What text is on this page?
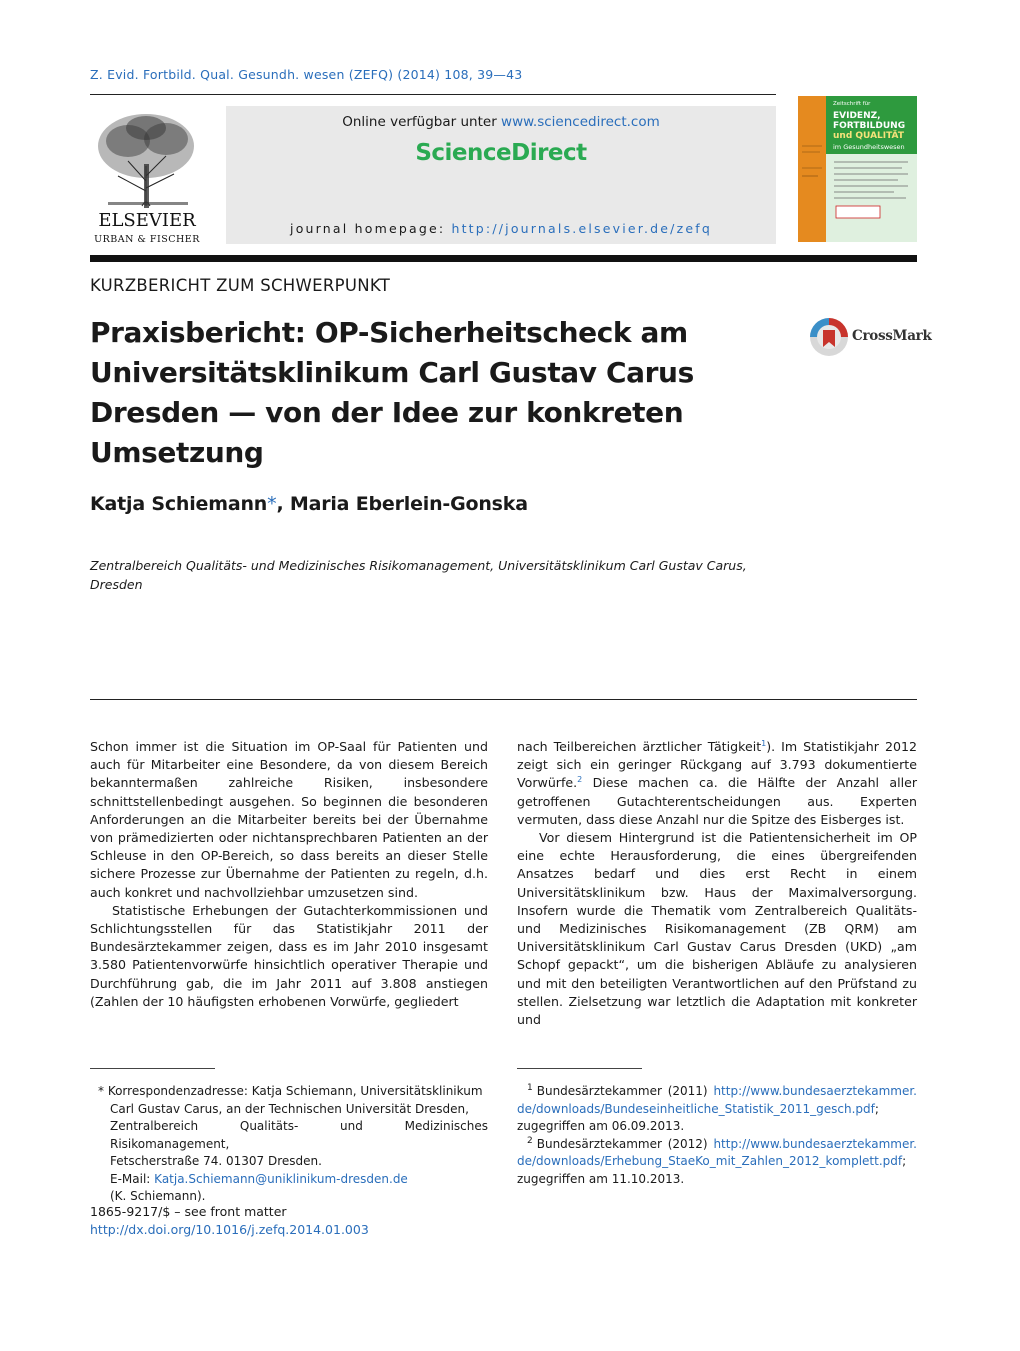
Z. Evid. Fortbild. Qual. Gesundh. wesen (ZEFQ) (2014) 108, 39—43
ELSEVIER
URBAN & FISCHER
Online verfügbar unter www.sciencedirect.com
ScienceDirect
journal homepage: http://journals.elsevier.de/zefq
Zeitschrift für
EVIDENZ,
FORTBILDUNG
und QUALITÄT
im Gesundheitswesen
KURZBERICHT ZUM SCHWERPUNKT
Praxisbericht: OP-Sicherheitscheck am Universitätsklinikum Carl Gustav Carus Dresden — von der Idee zur konkreten Umsetzung
CrossMark
Katja Schiemann*, Maria Eberlein-Gonska
Zentralbereich Qualitäts- und Medizinisches Risikomanagement, Universitätsklinikum Carl Gustav Carus, Dresden

Schon immer ist die Situation im OP-Saal für Patienten und auch für Mitarbeiter eine Besondere, da von diesem Bereich bekanntermaßen zahlreiche Risiken, insbesondere schnittstellenbedingt ausgehen. So beginnen die besonderen Anforderungen an die Mitarbeiter bereits bei der Übernahme von prämedizierten oder nichtansprechbaren Patienten an der Schleuse in den OP-Bereich, so dass bereits an dieser Stelle sichere Prozesse zur Übernahme der Patienten zu regeln, d.h. auch konkret und nachvollziehbar umzusetzen sind.

Statistische Erhebungen der Gutachterkommissionen und Schlichtungsstellen für das Statistikjahr 2011 der Bundesärztekammer zeigen, dass es im Jahr 2010 insgesamt 3.580 Patientenvorwürfe hinsichtlich operativer Therapie und Durchführung gab, die im Jahr 2011 auf 3.808 anstiegen (Zahlen der 10 häufigsten erhobenen Vorwürfe, gegliedert

nach Teilbereichen ärztlicher Tätigkeit$^1$). Im Statistikjahr 2012 zeigt sich ein geringer Rückgang auf 3.793 dokumentierte Vorwürfe.$^2$ Diese machen ca. die Hälfte der Anzahl aller getroffenen Gutachterentscheidungen aus. Experten vermuten, dass diese Anzahl nur die Spitze des Eisberges ist.

Vor diesem Hintergrund ist die Patientensicherheit im OP eine echte Herausforderung, die eines übergreifenden Ansatzes bedarf und dies erst Recht in einem Universitätsklinikum bzw. Haus der Maximalversorgung. Insofern wurde die Thematik vom Zentralbereich Qualitäts- und Medizinisches Risikomanagement (ZB QRM) am Universitätsklinikum Carl Gustav Carus Dresden (UKD) „am Schopf gepackt“, um die bisherigen Abläufe zu analysieren und mit den beteiligten Verantwortlichen auf den Prüfstand zu stellen. Zielsetzung war letztlich die Adaptation mit konkreter und

* Korrespondenzadresse: Katja Schiemann, Universitätsklinikum
Carl Gustav Carus, an der Technischen Universität Dresden,
Zentralbereich Qualitäts- und Medizinisches Risikomanagement,
Fetscherstraße 74. 01307 Dresden.
E-Mail: Katja.Schiemann@uniklinikum-dresden.de
(K. Schiemann).
$^1$ Bundesärztekammer (2011) http://www.bundesaerztekammer.de/downloads/Bundeseinheitliche_Statistik_2011_gesch.pdf; zugegriffen am 06.09.2013.
$^2$ Bundesärztekammer (2012) http://www.bundesaerztekammer.de/downloads/Erhebung_StaeKo_mit_Zahlen_2012_komplett.pdf; zugegriffen am 11.10.2013.
1865-9217/$ – see front matter
http://dx.doi.org/10.1016/j.zefq.2014.01.003
